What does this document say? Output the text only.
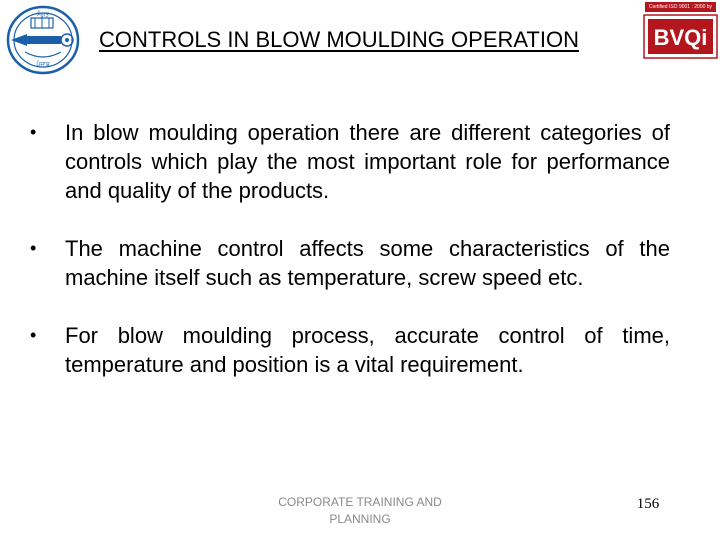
ਸੰਗਤ
ਪੰਜਾਬ
CONTROLS IN BLOW MOULDING OPERATION
Certified ISO 9001 : 2000 by
BVQi
• In blow moulding operation there are different categories of controls which play the most important role for performance and quality of the products.
• The machine control affects some characteristics of the machine itself such as temperature, screw speed etc.
• For blow moulding process, accurate control of time, temperature and position is a vital requirement.
CORPORATE TRAINING AND PLANNING
156
